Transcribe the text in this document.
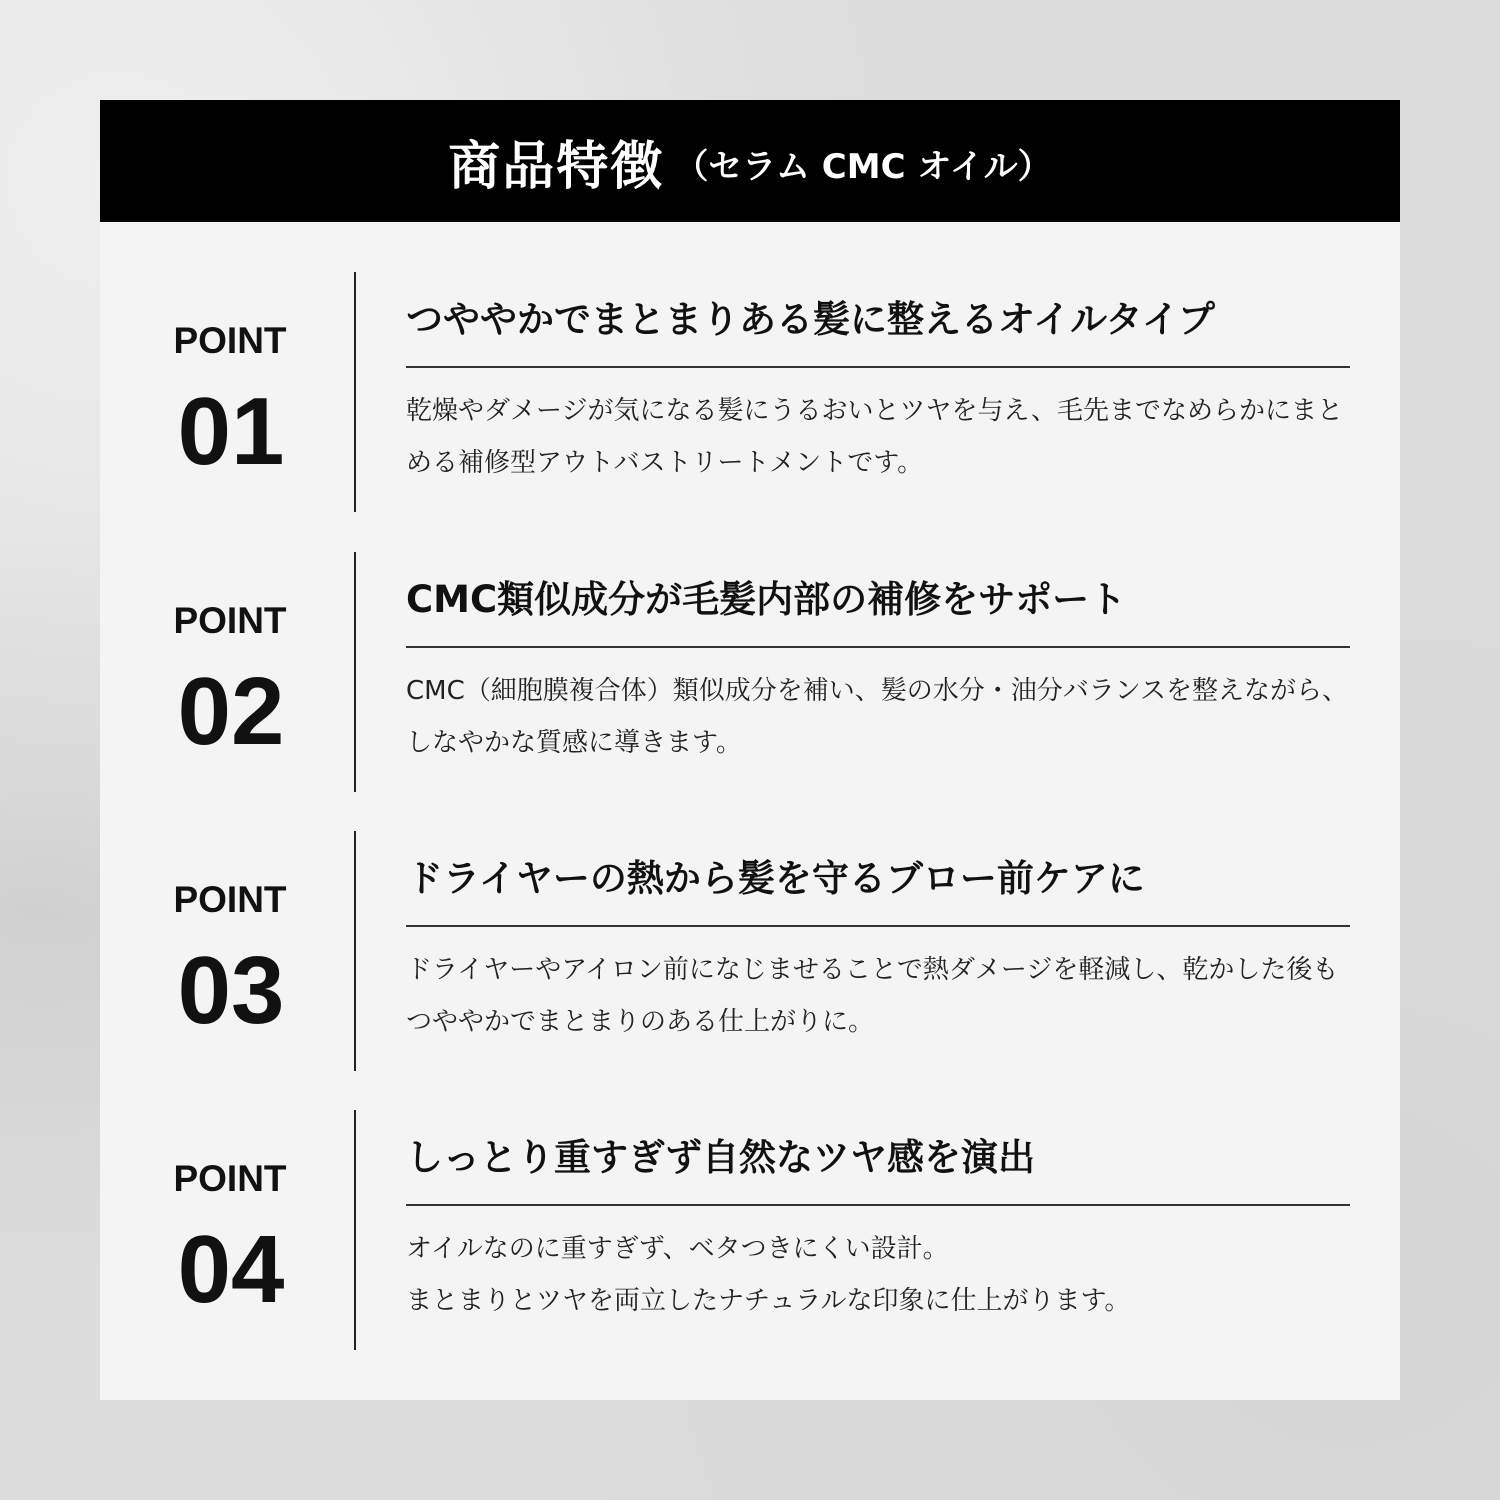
商品特徴 （セラム CMC オイル）
POINT
01
つややかでまとまりある髪に整えるオイルタイプ
乾燥やダメージが気になる髪にうるおいとツヤを与え、毛先までなめらかにまとめる補修型アウトバストリートメントです。
POINT
02
CMC類似成分が毛髪内部の補修をサポート
CMC（細胞膜複合体）類似成分を補い、髪の水分・油分バランスを整えながら、しなやかな質感に導きます。
POINT
03
ドライヤーの熱から髪を守るブロー前ケアに
ドライヤーやアイロン前になじませることで熱ダメージを軽減し、乾かした後もつややかでまとまりのある仕上がりに。
POINT
04
しっとり重すぎず自然なツヤ感を演出
オイルなのに重すぎず、ベタつきにくい設計。
まとまりとツヤを両立したナチュラルな印象に仕上がります。
